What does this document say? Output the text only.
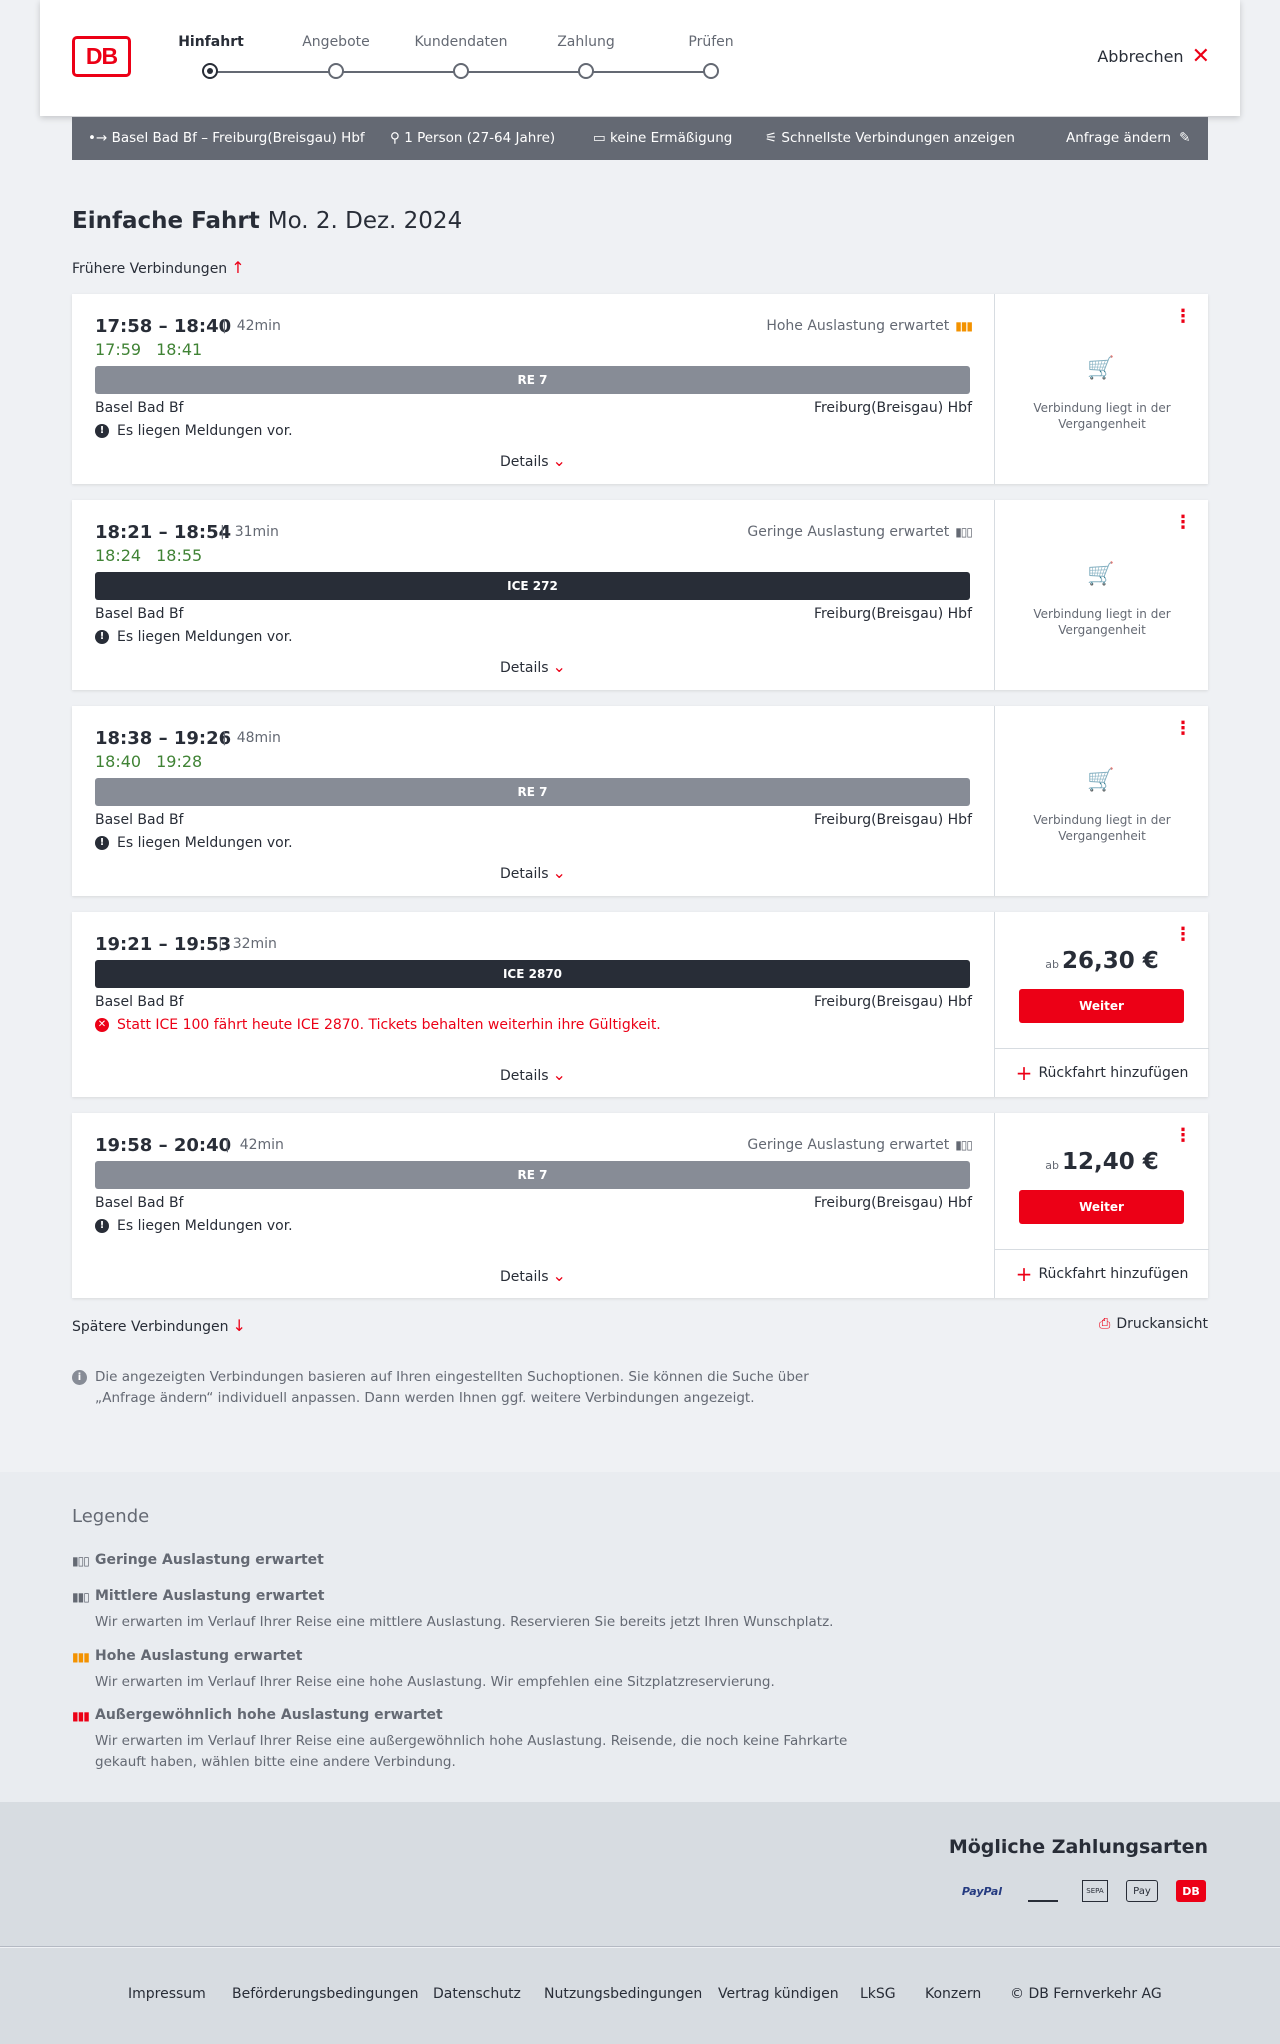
DB
Hinfahrt	Angebote	Kundendaten	Zahlung	Prüfen
Abbrechen ✕
•→ Basel Bad Bf – Freiburg(Breisgau) Hbf ⚲ 1 Person (27-64 Jahre)	▭ keine Ermäßigung ⚟ Schnellste Verbindungen anzeigen	Anfrage ändern ✎
Einfache Fahrt Mo. 2. Dez. 2024
Frühere Verbindungen ↑
17:58 – 18:40 | 42min
17:59 18:41
Hohe Auslastung erwartet ▮▮▮
RE 7
Basel Bad Bf	Freiburg(Breisgau) Hbf
! Es liegen Meldungen vor.
Details ⌄
⋮
🛒
Verbindung liegt in der Vergangenheit
18:21 – 18:54 | 31min
18:24 18:55
Geringe Auslastung erwartet ▮▯▯
ICE 272
Basel Bad Bf	Freiburg(Breisgau) Hbf
! Es liegen Meldungen vor.
Details ⌄
⋮
🛒
Verbindung liegt in der Vergangenheit
18:38 – 19:26 | 48min
18:40 19:28
RE 7
Basel Bad Bf	Freiburg(Breisgau) Hbf
! Es liegen Meldungen vor.
Details ⌄
⋮
🛒
Verbindung liegt in der Vergangenheit
19:21 – 19:53 | 32min
ICE 2870
Basel Bad Bf	Freiburg(Breisgau) Hbf
✕ Statt ICE 100 fährt heute ICE 2870. Tickets behalten weiterhin ihre Gültigkeit.
Details ⌄
⋮
ab 26,30 €
Weiter
+ Rückfahrt hinzufügen
19:58 – 20:40 | 42min	Geringe Auslastung erwartet ▮▯▯
RE 7
Basel Bad Bf	Freiburg(Breisgau) Hbf
! Es liegen Meldungen vor.
Details ⌄
⋮
ab 12,40 €
Weiter
+ Rückfahrt hinzufügen
Spätere Verbindungen ↓	⎙ Druckansicht
i	Die angezeigten Verbindungen basieren auf Ihren eingestellten Suchoptionen. Sie können die Suche über „Anfrage ändern“ individuell anpassen. Dann werden Ihnen ggf. weitere Verbindungen angezeigt.
Legende
▮▯▯ Geringe Auslastung erwartet
▮▮▯ Mittlere Auslastung erwartet
Wir erwarten im Verlauf Ihrer Reise eine mittlere Auslastung. Reservieren Sie bereits jetzt Ihren Wunschplatz.
▮▮▮ Hohe Auslastung erwartet
Wir erwarten im Verlauf Ihrer Reise eine hohe Auslastung. Wir empfehlen eine Sitzplatzreservierung.
▮▮▮ Außergewöhnlich hohe Auslastung erwartet
Wir erwarten im Verlauf Ihrer Reise eine außergewöhnlich hohe Auslastung. Reisende, die noch keine Fahrkarte gekauft haben, wählen bitte eine andere Verbindung.
Mögliche Zahlungsarten
PayPal	SEPA	Pay	DB
Impressum Beförderungsbedingungen Datenschutz Nutzungsbedingungen Vertrag kündigen LkSG Konzern © DB Fernverkehr AG
